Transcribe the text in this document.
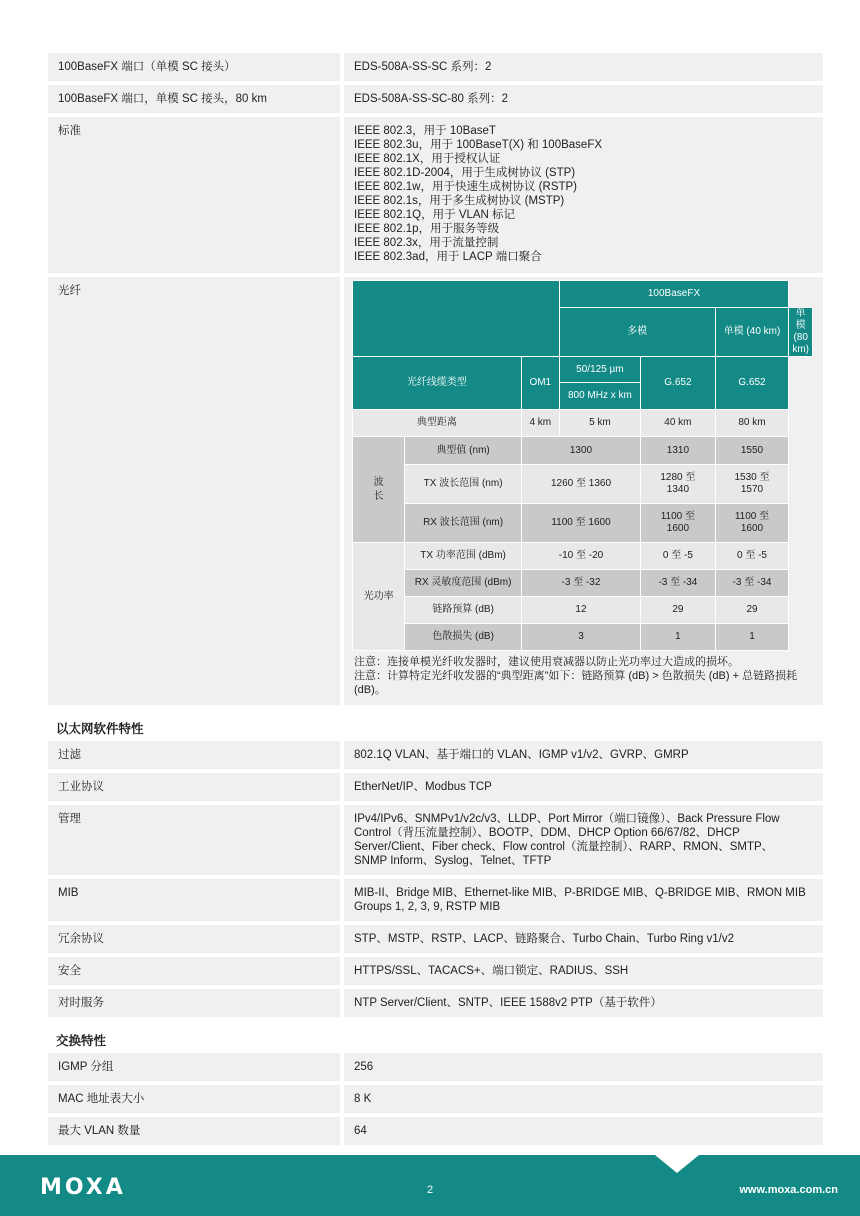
100BaseFX 端口（单模 SC 接头）	EDS-508A-SS-SC 系列：2
100BaseFX 端口，单模 SC 接头，80 km	EDS-508A-SS-SC-80 系列：2
标准	IEEE 802.3，用于 10BaseT
IEEE 802.3u，用于 100BaseT(X) 和 100BaseFX
IEEE 802.1X，用于授权认证
IEEE 802.1D-2004，用于生成树协议 (STP)
IEEE 802.1w，用于快速生成树协议 (RSTP)
IEEE 802.1s，用于多生成树协议 (MSTP)
IEEE 802.1Q，用于 VLAN 标记
IEEE 802.1p，用于服务等级
IEEE 802.3x，用于流量控制
IEEE 802.3ad，用于 LACP 端口聚合
光纤
			100BaseFX			
			多模		单模 (40 km)	单模 (80 km)
光纤线缆类型		OM1	50/125 µm	G.652	G.652	
			800 MHz x km			
典型距离		4 km	5 km	40 km	80 km	
波长	典型值 (nm)	1300		1310	1550	
	TX 波长范围 (nm)	1260 至 1360		1280 至 1340	1530 至 1570	
	RX 波长范围 (nm)	1100 至 1600		1100 至 1600	1100 至 1600	
光功率	TX 功率范围 (dBm)	-10 至 -20		0 至 -5	0 至 -5	
	RX 灵敏度范围 (dBm)	-3 至 -32		-3 至 -34	-3 至 -34	
	链路预算 (dB)	12		29	29	
	色散损失 (dB)	3		1	1	
注意：连接单模光纤收发器时，建议使用衰减器以防止光功率过大造成的损坏。
注意：计算特定光纤收发器的“典型距离”如下：链路预算 (dB) > 色散损失 (dB) + 总链路损耗 (dB)。
以太网软件特性
过滤	802.1Q VLAN、基于端口的 VLAN、IGMP v1/v2、GVRP、GMRP
工业协议	EtherNet/IP、Modbus TCP
管理	IPv4/IPv6、SNMPv1/v2c/v3、LLDP、Port Mirror（端口镜像）、Back Pressure Flow Control（背压流量控制）、BOOTP、DDM、DHCP Option 66/67/82、DHCP Server/Client、Fiber check、Flow control（流量控制）、RARP、RMON、SMTP、SNMP Inform、Syslog、Telnet、TFTP
MIB	MIB-II、Bridge MIB、Ethernet-like MIB、P-BRIDGE MIB、Q-BRIDGE MIB、RMON MIB Groups 1, 2, 3, 9, RSTP MIB
冗余协议	STP、MSTP、RSTP、LACP、链路聚合、Turbo Chain、Turbo Ring v1/v2
安全	HTTPS/SSL、TACACS+、端口锁定、RADIUS、SSH
对时服务	NTP Server/Client、SNTP、IEEE 1588v2 PTP（基于软件）
交换特性
IGMP 分组	256
MAC 地址表大小	8 K
最大 VLAN 数量	64
MOXA	2	www.moxa.com.cn
